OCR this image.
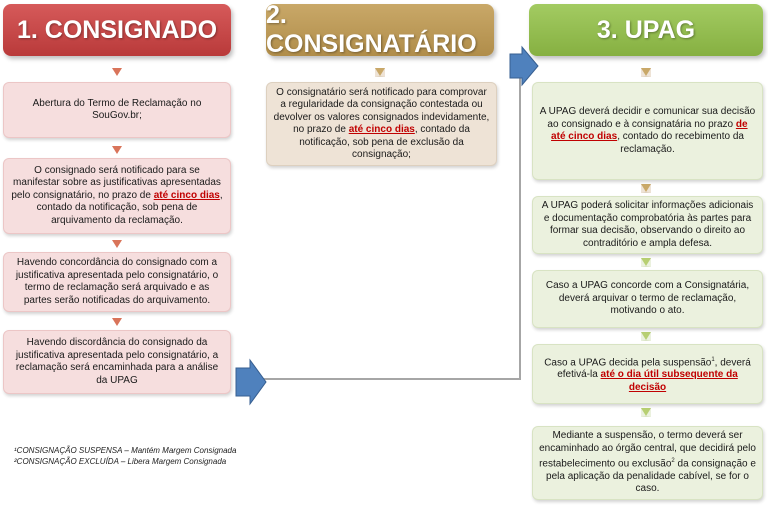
1. CONSIGNADO
2. CONSIGNATÁRIO
3. UPAG
Abertura do Termo de Reclamação no SouGov.br;
O consignado será notificado para se manifestar sobre as justificativas apresentadas pelo consignatário, no prazo de até cinco dias, contado da notificação, sob pena de arquivamento da reclamação.
Havendo concordância do consignado com a justificativa apresentada pelo consignatário, o termo de reclamação será arquivado e as partes serão notificadas do arquivamento.
Havendo discordância do consignado da justificativa apresentada pelo consignatário, a reclamação será encaminhada para a análise da UPAG
O consignatário será notificado para comprovar a regularidade da consignação contestada ou devolver os valores consignados indevidamente, no prazo de até cinco dias, contado da notificação, sob pena de exclusão da consignação;
A UPAG deverá decidir e comunicar sua decisão ao consignado e à consignatária no prazo de até cinco dias, contado do recebimento da reclamação.
A UPAG poderá solicitar informações adicionais e documentação comprobatória às partes para formar sua decisão, observando o direito ao contraditório e ampla defesa.
Caso a UPAG concorde com a Consignatária, deverá arquivar o termo de reclamação, motivando o ato.
Caso a UPAG decida pela suspensão$^1$, deverá efetivá-la até o dia útil subsequente da decisão
Mediante a suspensão, o termo deverá ser encaminhado ao órgão central, que decidirá pelo restabelecimento ou exclusão$^2$ da consignação e pela aplicação da penalidade cabível, se for o caso.
¹CONSIGNAÇÃO SUSPENSA – Mantém Margem Consignada
²CONSIGNAÇÃO EXCLUÍDA – Libera Margem Consignada
